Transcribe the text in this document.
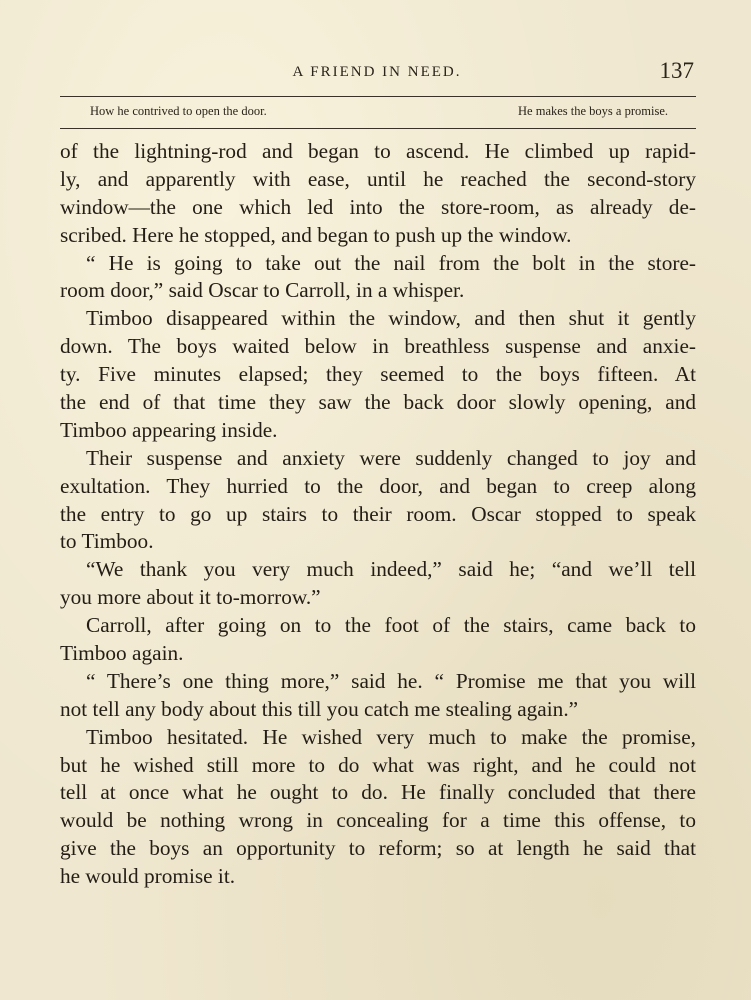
A FRIEND IN NEED.	137
How he contrived to open the door.	He makes the boys a promise.
of the lightning-rod and began to ascend. He climbed up rapid-
ly, and apparently with ease, until he reached the second-story
window—the one which led into the store-room, as already de-
scribed. Here he stopped, and began to push up the window.
“ He is going to take out the nail from the bolt in the store-
room door,” said Oscar to Carroll, in a whisper.
Timboo disappeared within the window, and then shut it gently
down. The boys waited below in breathless suspense and anxie-
ty. Five minutes elapsed; they seemed to the boys fifteen. At
the end of that time they saw the back door slowly opening, and
Timboo appearing inside.
Their suspense and anxiety were suddenly changed to joy and
exultation. They hurried to the door, and began to creep along
the entry to go up stairs to their room. Oscar stopped to speak
to Timboo.
“We thank you very much indeed,” said he; “and we’ll tell
you more about it to-morrow.”
Carroll, after going on to the foot of the stairs, came back to
Timboo again.
“ There’s one thing more,” said he. “ Promise me that you will
not tell any body about this till you catch me stealing again.”
Timboo hesitated. He wished very much to make the promise,
but he wished still more to do what was right, and he could not
tell at once what he ought to do. He finally concluded that there
would be nothing wrong in concealing for a time this offense, to
give the boys an opportunity to reform; so at length he said that
he would promise it.
